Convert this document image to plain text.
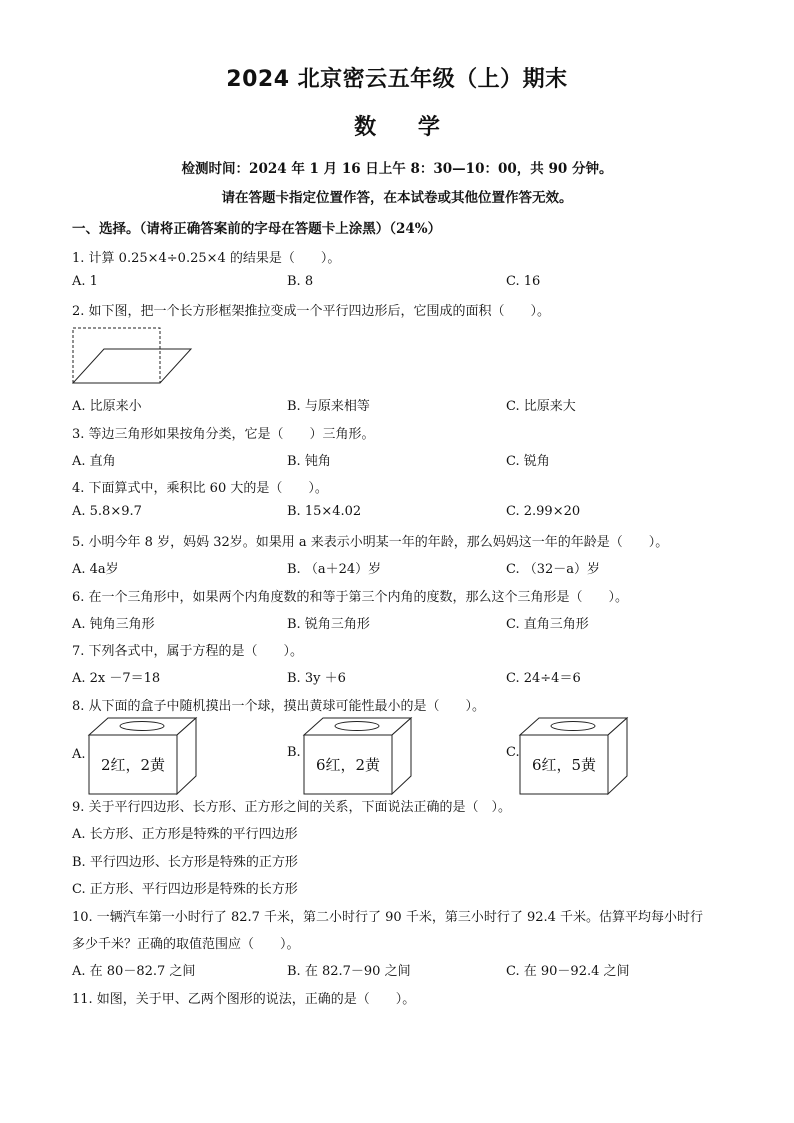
2024 北京密云五年级（上）期末
数 学
检测时间：2024 年 1 月 16 日上午 8：30—10：00，共 90 分钟。
请在答题卡指定位置作答，在本试卷或其他位置作答无效。
一、选择。（请将正确答案前的字母在答题卡上涂黑）（24%）
1. 计算 0.25×4÷0.25×4 的结果是（　　）。
A. 1	B. 8	C. 16
2. 如下图，把一个长方形框架推拉变成一个平行四边形后，它围成的面积（　　）。
A. 比原来小	B. 与原来相等	C. 比原来大
3. 等边三角形如果按角分类，它是（　　）三角形。
A. 直角	B. 钝角	C. 锐角
4. 下面算式中，乘积比 60 大的是（　　）。
A. 5.8×9.7	B. 15×4.02	C. 2.99×20
5. 小明今年 8 岁，妈妈 32岁。如果用 a 来表示小明某一年的年龄，那么妈妈这一年的年龄是（　　）。
A. 4a岁	B. （a＋24）岁	C. （32－a）岁
6. 在一个三角形中，如果两个内角度数的和等于第三个内角的度数，那么这个三角形是（　　）。
A. 钝角三角形	B. 锐角三角形	C. 直角三角形
7. 下列各式中，属于方程的是（　　）。
A. 2x －7＝18	B. 3y ＋6	C. 24÷4＝6
8. 从下面的盒子中随机摸出一个球，摸出黄球可能性最小的是（　　）。
A.	B.	C.
2红，2黄	6红，2黄	6红，5黄
9. 关于平行四边形、长方形、正方形之间的关系，下面说法正确的是（　）。
A. 长方形、正方形是特殊的平行四边形
B. 平行四边形、长方形是特殊的正方形
C. 正方形、平行四边形是特殊的长方形
10. 一辆汽车第一小时行了 82.7 千米，第二小时行了 90 千米，第三小时行了 92.4 千米。估算平均每小时行
多少千米？正确的取值范围应（　　）。
A. 在 80－82.7 之间	B. 在 82.7－90 之间	C. 在 90－92.4 之间
11. 如图，关于甲、乙两个图形的说法，正确的是（　　）。
